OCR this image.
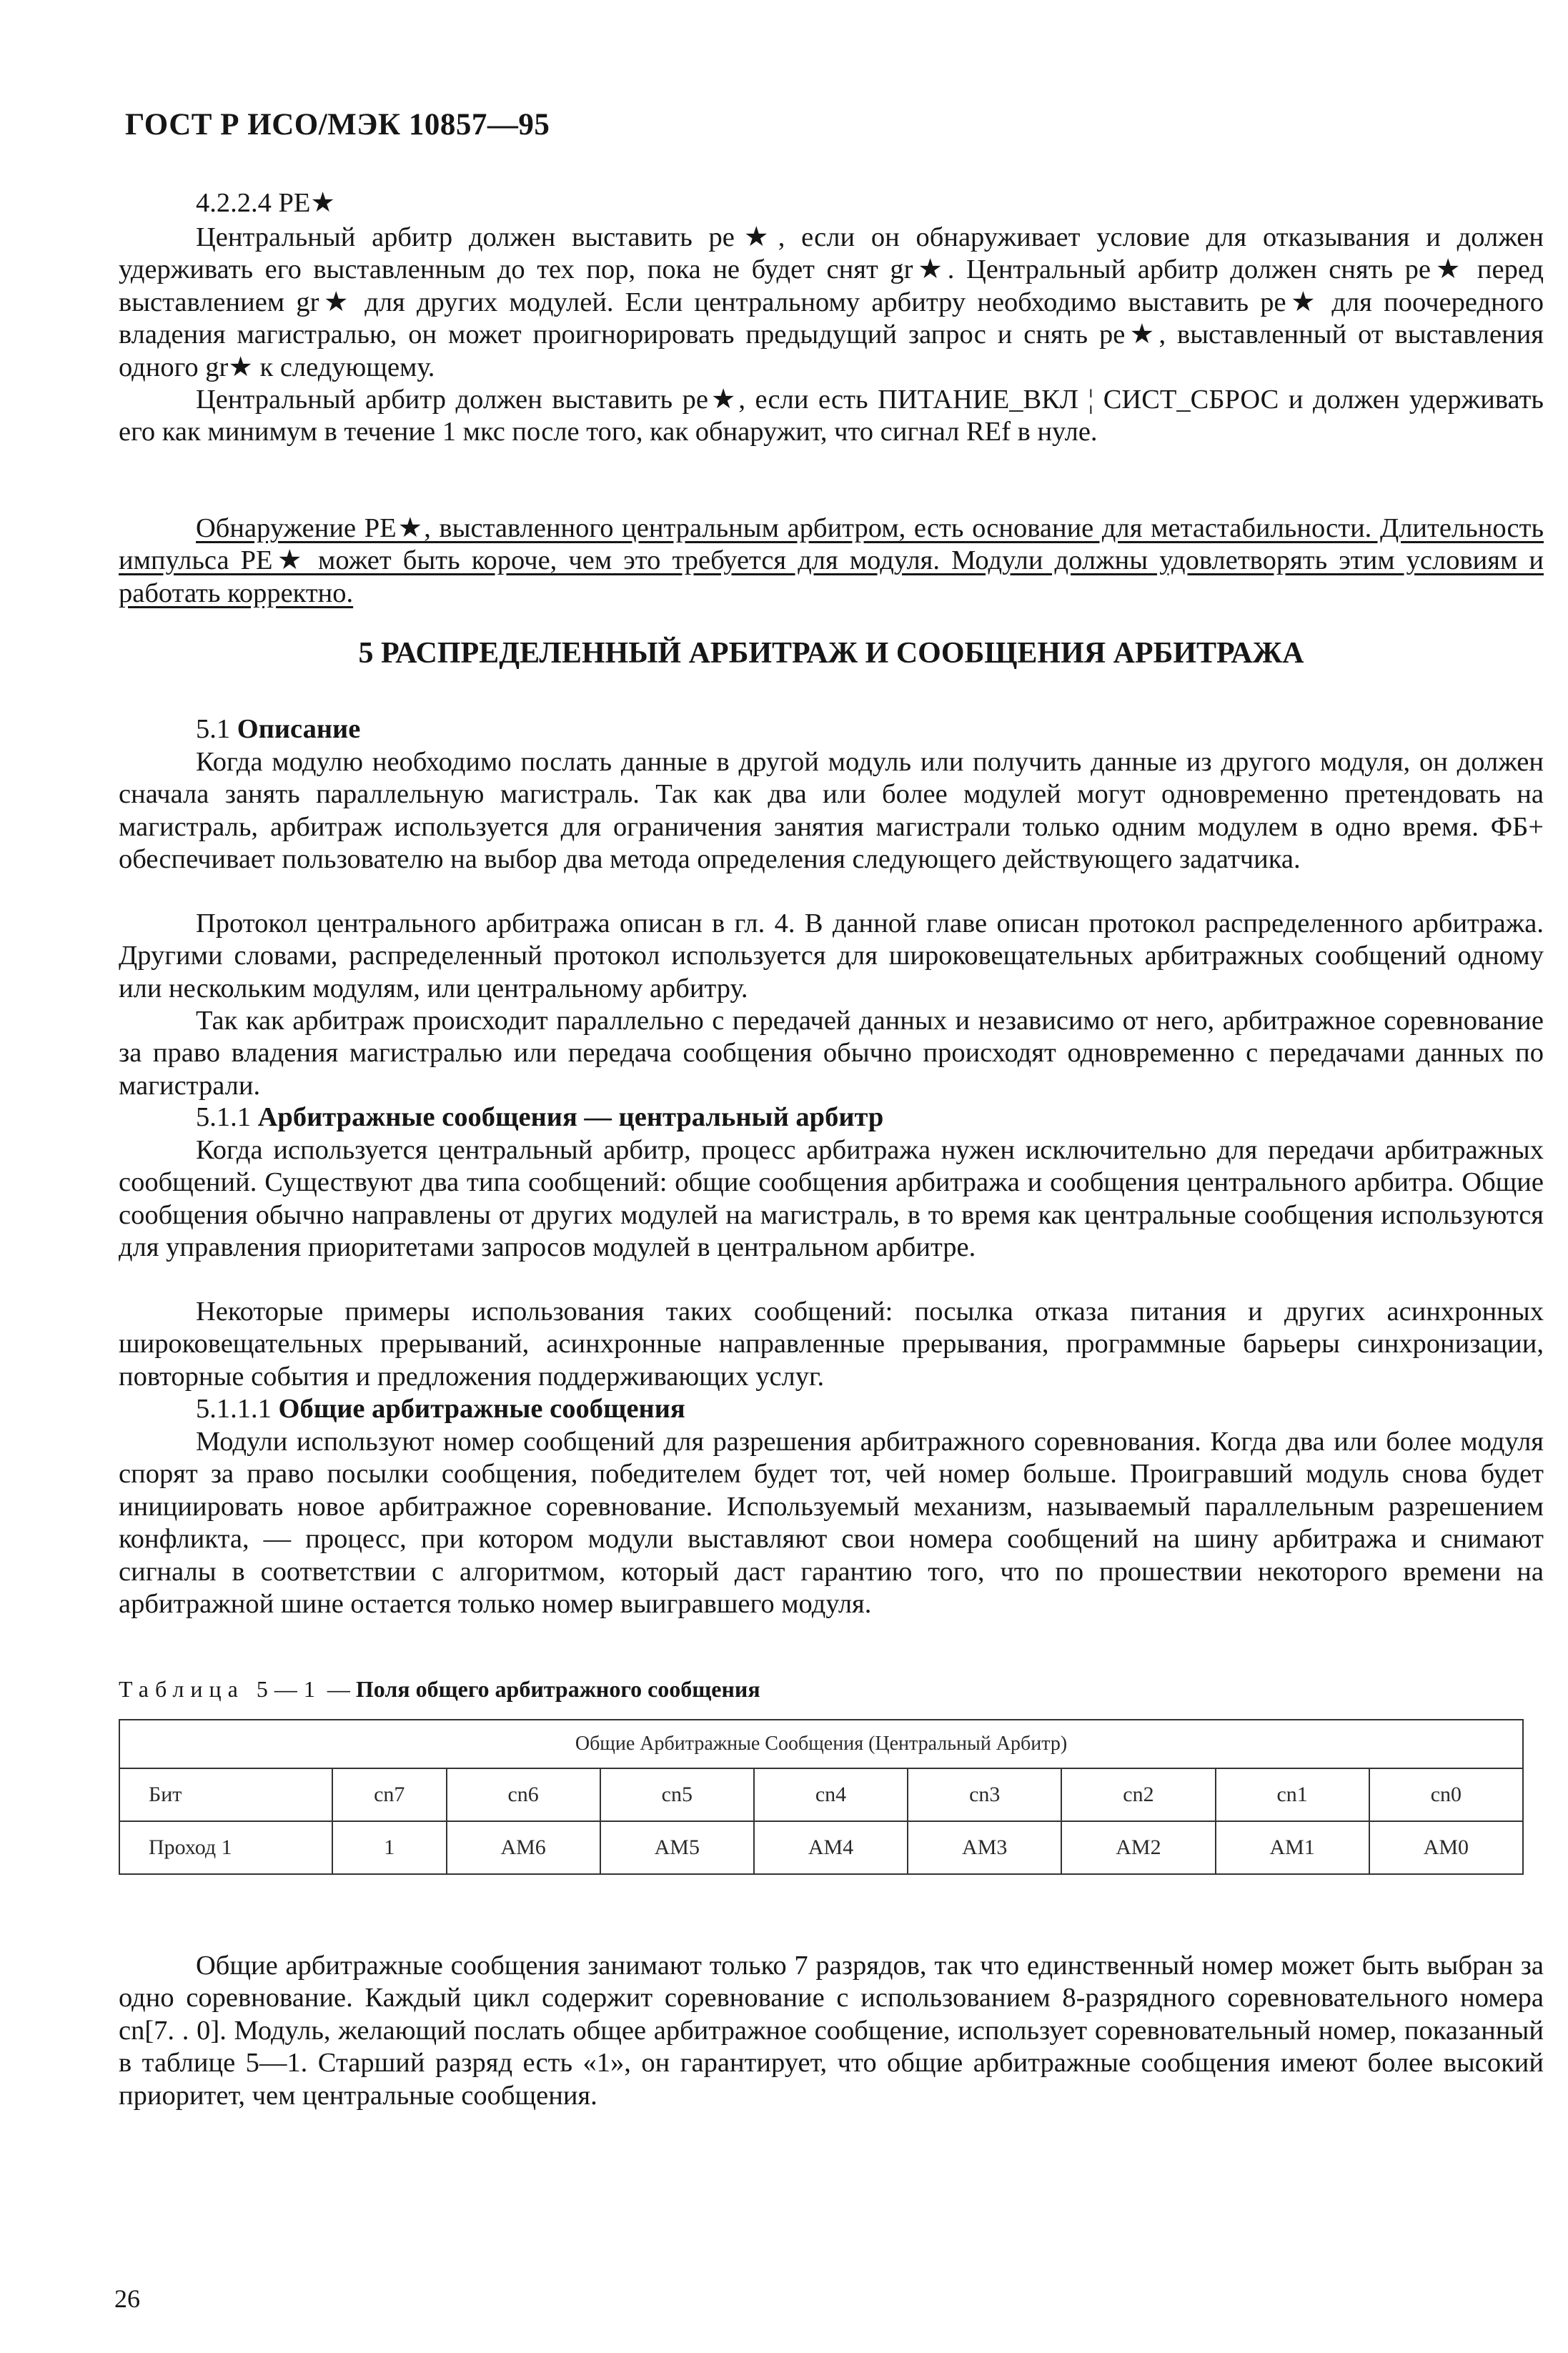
ГОСТ Р ИСО/МЭК 10857—95
4.2.2.4 PE★

Центральный арбитр должен выставить pe★, если он обнаруживает условие для отказывания и должен удерживать его выставленным до тех пор, пока не будет снят gr★. Центральный арбитр должен снять pe★ перед выставлением gr★ для других модулей. Если центральному арбитру необходимо выставить pe★ для поочередного владения магистралью, он может проигнорировать предыдущий запрос и снять pe★, выставленный от выставления одного gr★ к следующему.

Центральный арбитр должен выставить pe★, если есть ПИТАНИЕ_ВКЛ ¦ СИСТ_СБРОС и должен удерживать его как минимум в течение 1 мкс после того, как обнаружит, что сигнал REf в нуле.

Обнаружение PE★, выставленного центральным арбитром, есть основание для метастабильности. Длительность импульса PE★ может быть короче, чем это требуется для модуля. Модули должны удовлетворять этим условиям и работать корректно.

5 РАСПРЕДЕЛЕННЫЙ АРБИТРАЖ И СООБЩЕНИЯ АРБИТРАЖА
5.1 Описание

Когда модулю необходимо послать данные в другой модуль или получить данные из другого модуля, он должен сначала занять параллельную магистраль. Так как два или более модулей могут одновременно претендовать на магистраль, арбитраж используется для ограничения занятия магистрали только одним модулем в одно время. ФБ+ обеспечивает пользователю на выбор два метода определения следующего действующего задатчика.

Протокол центрального арбитража описан в гл. 4. В данной главе описан протокол распределенного арбитража. Другими словами, распределенный протокол используется для широковещательных арбитражных сообщений одному или нескольким модулям, или центральному арбитру.

Так как арбитраж происходит параллельно с передачей данных и независимо от него, арбитражное соревнование за право владения магистралью или передача сообщения обычно происходят одновременно с передачами данных по магистрали.

5.1.1 Арбитражные сообщения — центральный арбитр

Когда используется центральный арбитр, процесс арбитража нужен исключительно для передачи арбитражных сообщений. Существуют два типа сообщений: общие сообщения арбитража и сообщения центрального арбитра. Общие сообщения обычно направлены от других модулей на магистраль, в то время как центральные сообщения используются для управления приоритетами запросов модулей в центральном арбитре.

Некоторые примеры использования таких сообщений: посылка отказа питания и других асинхронных широковещательных прерываний, асинхронные направленные прерывания, программные барьеры синхронизации, повторные события и предложения поддерживающих услуг.

5.1.1.1 Общие арбитражные сообщения

Модули используют номер сообщений для разрешения арбитражного соревнования. Когда два или более модуля спорят за право посылки сообщения, победителем будет тот, чей номер больше. Проигравший модуль снова будет инициировать новое арбитражное соревнование. Используемый механизм, называемый параллельным разрешением конфликта, — процесс, при котором модули выставляют свои номера сообщений на шину арбитража и снимают сигналы в соответствии с алгоритмом, который даст гарантию того, что по прошествии некоторого времени на арбитражной шине остается только номер выигравшего модуля.

Таблица 5—1 — Поля общего арбитражного сообщения
Общие Арбитражные Сообщения (Центральный Арбитр)								
Бит	cn7	cn6	cn5	cn4	cn3	cn2	cn1	cn0
Проход 1	1	AM6	AM5	AM4	AM3	AM2	AM1	AM0

Общие арбитражные сообщения занимают только 7 разрядов, так что единственный номер может быть выбран за одно соревнование. Каждый цикл содержит соревнование с использованием 8-разрядного соревновательного номера cn[7. . 0]. Модуль, желающий послать общее арбитражное сообщение, использует соревновательный номер, показанный в таблице 5—1. Старший разряд есть «1», он гарантирует, что общие арбитражные сообщения имеют более высокий приоритет, чем центральные сообщения.

26
